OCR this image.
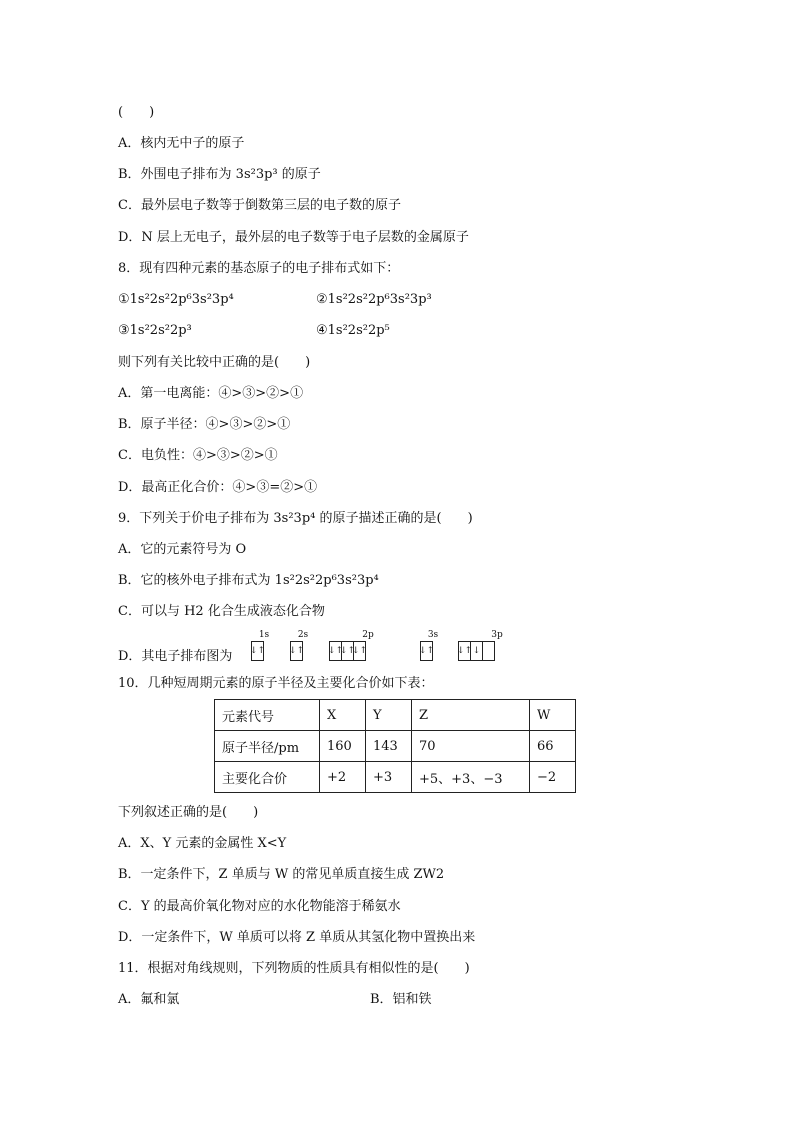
(　　)
A．核内无中子的原子
B．外围电子排布为 3s²3p³ 的原子
C．最外层电子数等于倒数第三层的电子数的原子
D．N 层上无电子，最外层的电子数等于电子层数的金属原子
8．现有四种元素的基态原子的电子排布式如下：
①1s²2s²2p⁶3s²3p⁴	②1s²2s²2p⁶3s²3p³
③1s²2s²2p³	④1s²2s²2p⁵
则下列有关比较中正确的是(　　)
A．第一电离能：④>③>②>①
B．原子半径：④>③>②>①
C．电负性：④>③>②>①
D．最高正化合价：④>③=②>①
9．下列关于价电子排布为 3s²3p⁴ 的原子描述正确的是(　　)
A．它的元素符号为 O
B．它的核外电子排布式为 1s²2s²2p⁶3s²3p⁴
C．可以与 H2 化合生成液态化合物
D．其电子排布图为
1s
↓↑
2s
↓↑
2p
↓↑
↓↑
↓↑
3s
↓↑
3p
↓↑ ↓
10．几种短周期元素的原子半径及主要化合价如下表：
元素代号	X	Y	Z	W
原子半径/pm	160	143	70	66
主要化合价	+2	+3	+5、+3、−3	−2
下列叙述正确的是(　　)
A．X、Y 元素的金属性 X<Y
B．一定条件下，Z 单质与 W 的常见单质直接生成 ZW2
C．Y 的最高价氧化物对应的水化物能溶于稀氨水
D．一定条件下，W 单质可以将 Z 单质从其氢化物中置换出来
11．根据对角线规则，下列物质的性质具有相似性的是(　　)
A．氟和氯	B．铝和铁
